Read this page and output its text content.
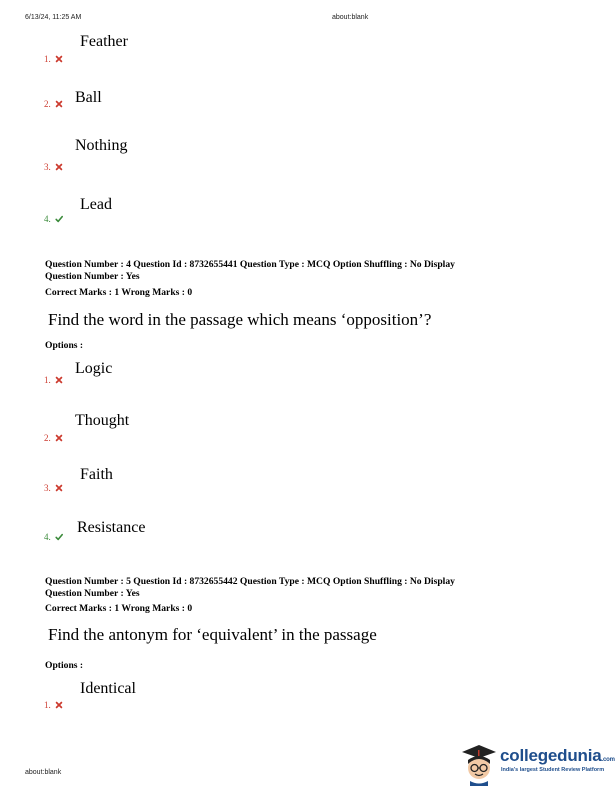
6/13/24, 11:25 AM	about:blank
Feather
1.
Ball
2.
Nothing
3.
Lead
4.
Question Number : 4 Question Id : 8732655441 Question Type : MCQ Option Shuffling : No Display
Question Number : Yes
Correct Marks : 1 Wrong Marks : 0
Find the word in the passage which means ‘opposition’?
Options :
Logic
1.
Thought
2.
Faith
3.
Resistance
4.
Question Number : 5 Question Id : 8732655442 Question Type : MCQ Option Shuffling : No Display
Question Number : Yes
Correct Marks : 1 Wrong Marks : 0
Find the antonym for ‘equivalent’ in the passage
Options :
Identical
1.
about:blank
collegedunia.com
India's largest Student Review Platform
